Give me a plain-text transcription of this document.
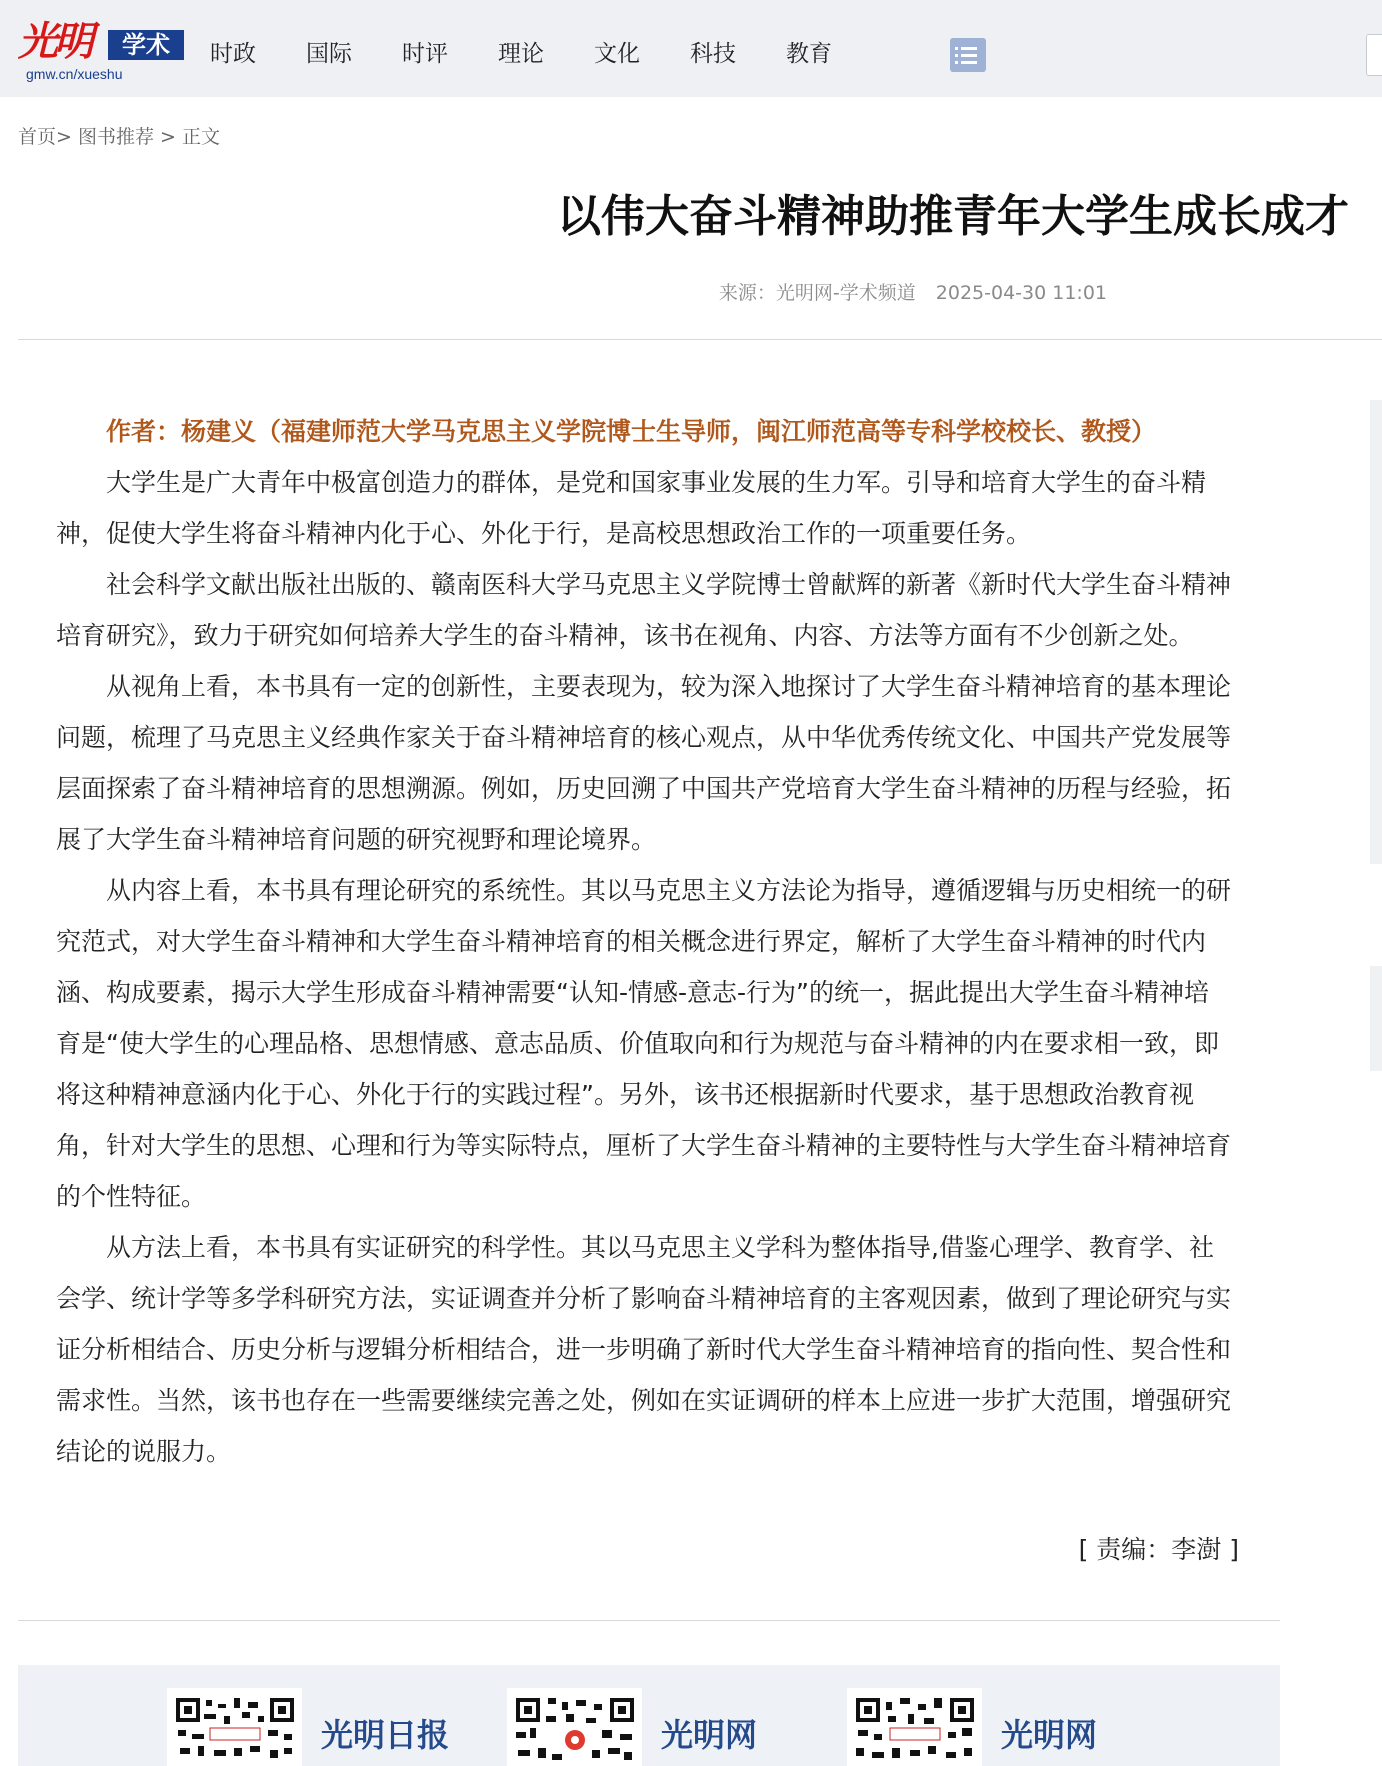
光明	学术
gmw.cn/xueshu
时政 国际 时评 理论 文化 科技 教育
首页> 图书推荐 > 正文
以伟大奋斗精神助推青年大学生成长成才
来源：光明网-学术频道 2025-04-30 11:01

作者：杨建义（福建师范大学马克思主义学院博士生导师，闽江师范高等专科学校校长、教授）

大学生是广大青年中极富创造力的群体，是党和国家事业发展的生力军。引导和培育大学生的奋斗精神，促使大学生将奋斗精神内化于心、外化于行，是高校思想政治工作的一项重要任务。

社会科学文献出版社出版的、赣南医科大学马克思主义学院博士曾献辉的新著《新时代大学生奋斗精神培育研究》，致力于研究如何培养大学生的奋斗精神，该书在视角、内容、方法等方面有不少创新之处。

从视角上看，本书具有一定的创新性，主要表现为，较为深入地探讨了大学生奋斗精神培育的基本理论问题，梳理了马克思主义经典作家关于奋斗精神培育的核心观点，从中华优秀传统文化、中国共产党发展等层面探索了奋斗精神培育的思想溯源。例如，历史回溯了中国共产党培育大学生奋斗精神的历程与经验，拓展了大学生奋斗精神培育问题的研究视野和理论境界。

从内容上看，本书具有理论研究的系统性。其以马克思主义方法论为指导，遵循逻辑与历史相统一的研究范式，对大学生奋斗精神和大学生奋斗精神培育的相关概念进行界定，解析了大学生奋斗精神的时代内涵、构成要素，揭示大学生形成奋斗精神需要“认知-情感-意志-行为”的统一，据此提出大学生奋斗精神培育是“使大学生的心理品格、思想情感、意志品质、价值取向和行为规范与奋斗精神的内在要求相一致，即将这种精神意涵内化于心、外化于行的实践过程”。另外，该书还根据新时代要求，基于思想政治教育视角，针对大学生的思想、心理和行为等实际特点，厘析了大学生奋斗精神的主要特性与大学生奋斗精神培育的个性特征。

从方法上看，本书具有实证研究的科学性。其以马克思主义学科为整体指导,借鉴心理学、教育学、社会学、统计学等多学科研究方法，实证调查并分析了影响奋斗精神培育的主客观因素，做到了理论研究与实证分析相结合、历史分析与逻辑分析相结合，进一步明确了新时代大学生奋斗精神培育的指向性、契合性和需求性。当然，该书也存在一些需要继续完善之处，例如在实证调研的样本上应进一步扩大范围，增强研究结论的说服力。

[ 责编：李澍 ]
光明日报	光明网	光明网
